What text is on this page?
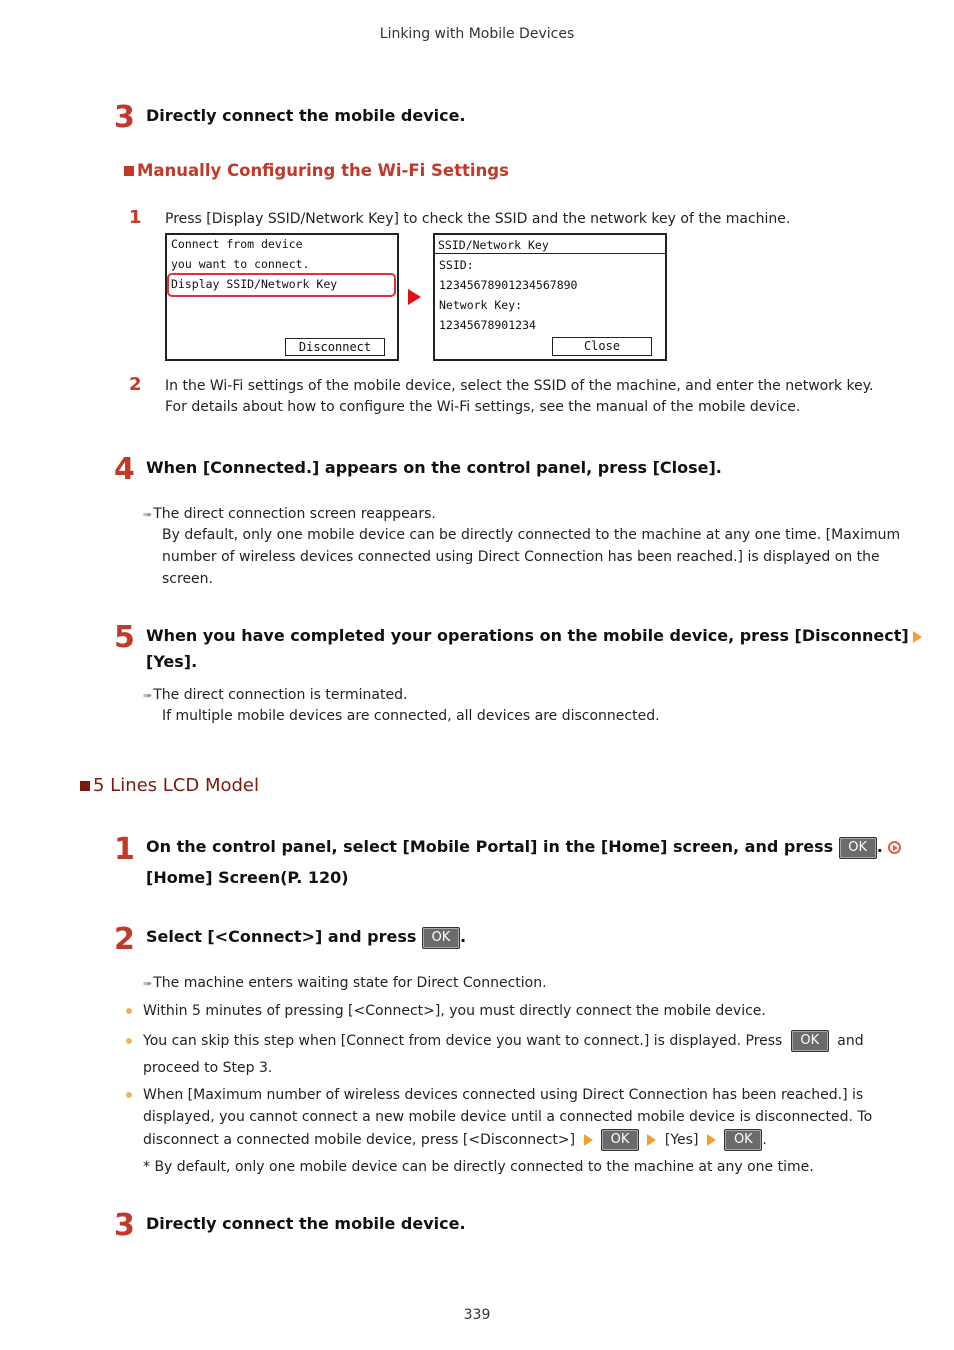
Linking with Mobile Devices
3 Directly connect the mobile device.
Manually Configuring the Wi-Fi Settings
1 Press [Display SSID/Network Key] to check the SSID and the network key of the machine.
Connect from device
you want to connect.
Display SSID/Network Key
Disconnect
SSID/Network Key
SSID:
12345678901234567890
Network Key:
12345678901234
Close
2 In the Wi-Fi settings of the mobile device, select the SSID of the machine, and enter the network key.
For details about how to configure the Wi-Fi settings, see the manual of the mobile device.
4 When [Connected.] appears on the control panel, press [Close].
➠ The direct connection screen reappears.
By default, only one mobile device can be directly connected to the machine at any one time. [Maximum
number of wireless devices connected using Direct Connection has been reached.] is displayed on the
screen.
5 When you have completed your operations on the mobile device, press [Disconnect]
[Yes].
➠ The direct connection is terminated.
If multiple mobile devices are connected, all devices are disconnected.
5 Lines LCD Model
1 On the control panel, select [Mobile Portal] in the [Home] screen, and press OK .
[Home] Screen(P. 120)
2 Select [<Connect>] and press OK .
➠ The machine enters waiting state for Direct Connection.
Within 5 minutes of pressing [<Connect>], you must directly connect the mobile device.
You can skip this step when [Connect from device you want to connect.] is displayed. Press OK and
proceed to Step 3.
When [Maximum number of wireless devices connected using Direct Connection has been reached.] is
displayed, you cannot connect a new mobile device until a connected mobile device is disconnected. To
disconnect a connected mobile device, press [<Disconnect>]	OK	[Yes]	OK .
* By default, only one mobile device can be directly connected to the machine at any one time.
3 Directly connect the mobile device.
339
